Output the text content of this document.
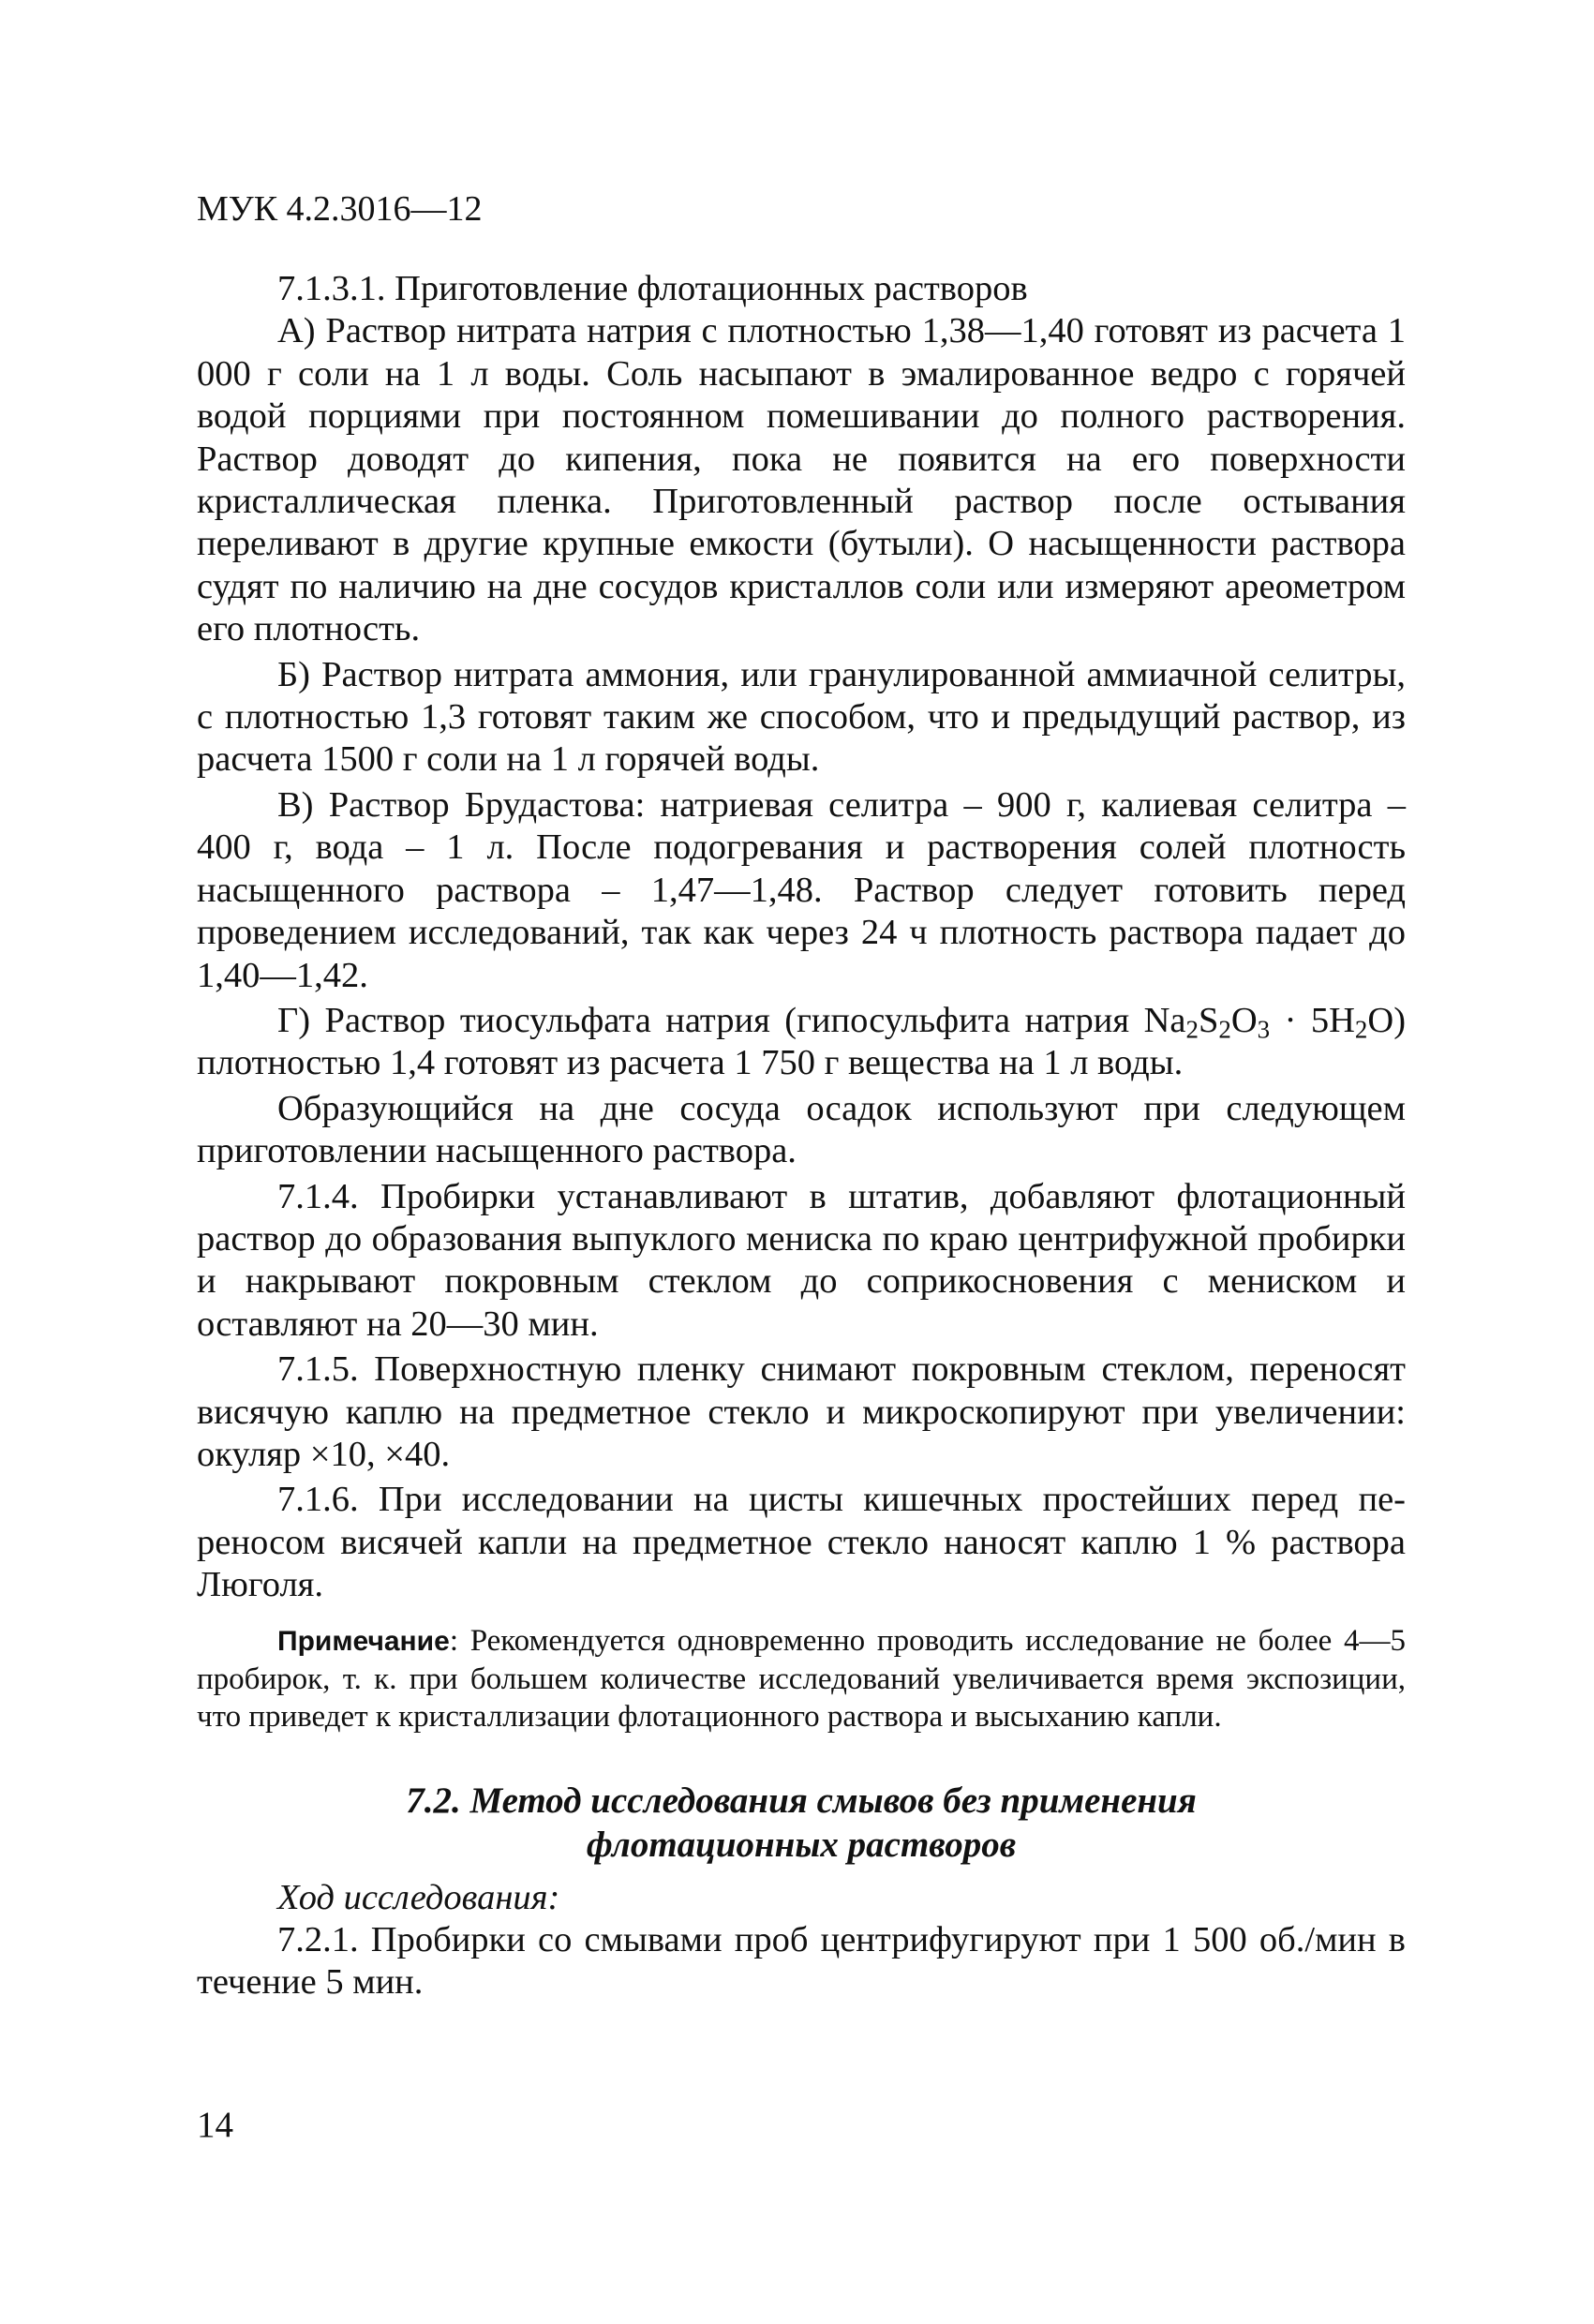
МУК 4.2.3016—12

7.1.3.1. Приготовление флотационных растворов

А) Раствор нитрата натрия с плотностью 1,38—1,40 готовят из расчета 1 000 г соли на 1 л воды. Соль насыпают в эмалированное ведро с горячей водой порциями при постоянном помешивании до полного растворения. Раствор доводят до кипения, пока не появится на его поверхности кристаллическая пленка. Приготовленный раствор после остывания переливают в другие крупные емкости (бутыли). О насыщенности раствора судят по наличию на дне сосудов кристаллов соли или измеряют ареометром его плотность.

Б) Раствор нитрата аммония, или гранулированной аммиачной селитры, с плотностью 1,3 готовят таким же способом, что и предыдущий раствор, из расчета 1500 г соли на 1 л горячей воды.

В) Раствор Брудастова: натриевая селитра – 900 г, калиевая селитра – 400 г, вода – 1 л. После подогревания и растворения солей плотность насыщенного раствора – 1,47—1,48. Раствор следует готовить перед проведением исследований, так как через 24 ч плотность раствора падает до 1,40—1,42.

Г) Раствор тиосульфата натрия (гипосульфита натрия $Na_2S_2O_3 \cdot 5H_2O$) плотностью 1,4 готовят из расчета 1 750 г вещества на 1 л воды.

Образующийся на дне сосуда осадок используют при следующем приготовлении насыщенного раствора.

7.1.4. Пробирки устанавливают в штатив, добавляют флотационный раствор до образования выпуклого мениска по краю центрифужной пробирки и накрывают покровным стеклом до соприкосновения с мениском и оставляют на 20—30 мин.

7.1.5. Поверхностную пленку снимают покровным стеклом, переносят висячую каплю на предметное стекло и микроскопируют при увеличении: окуляр ×10, ×40.

7.1.6. При исследовании на цисты кишечных простейших перед переносом висячей капли на предметное стекло наносят каплю 1 % раствора Люголя.

Примечание: Рекомендуется одновременно проводить исследование не более 4—5 пробирок, т. к. при большем количестве исследований увеличивается время экспозиции, что приведет к кристаллизации флотационного раствора и высыханию капли.

7.2. Метод исследования смывов без применения
флотационных растворов

Ход исследования:

7.2.1. Пробирки со смывами проб центрифугируют при 1 500 об./мин в течение 5 мин.

14
